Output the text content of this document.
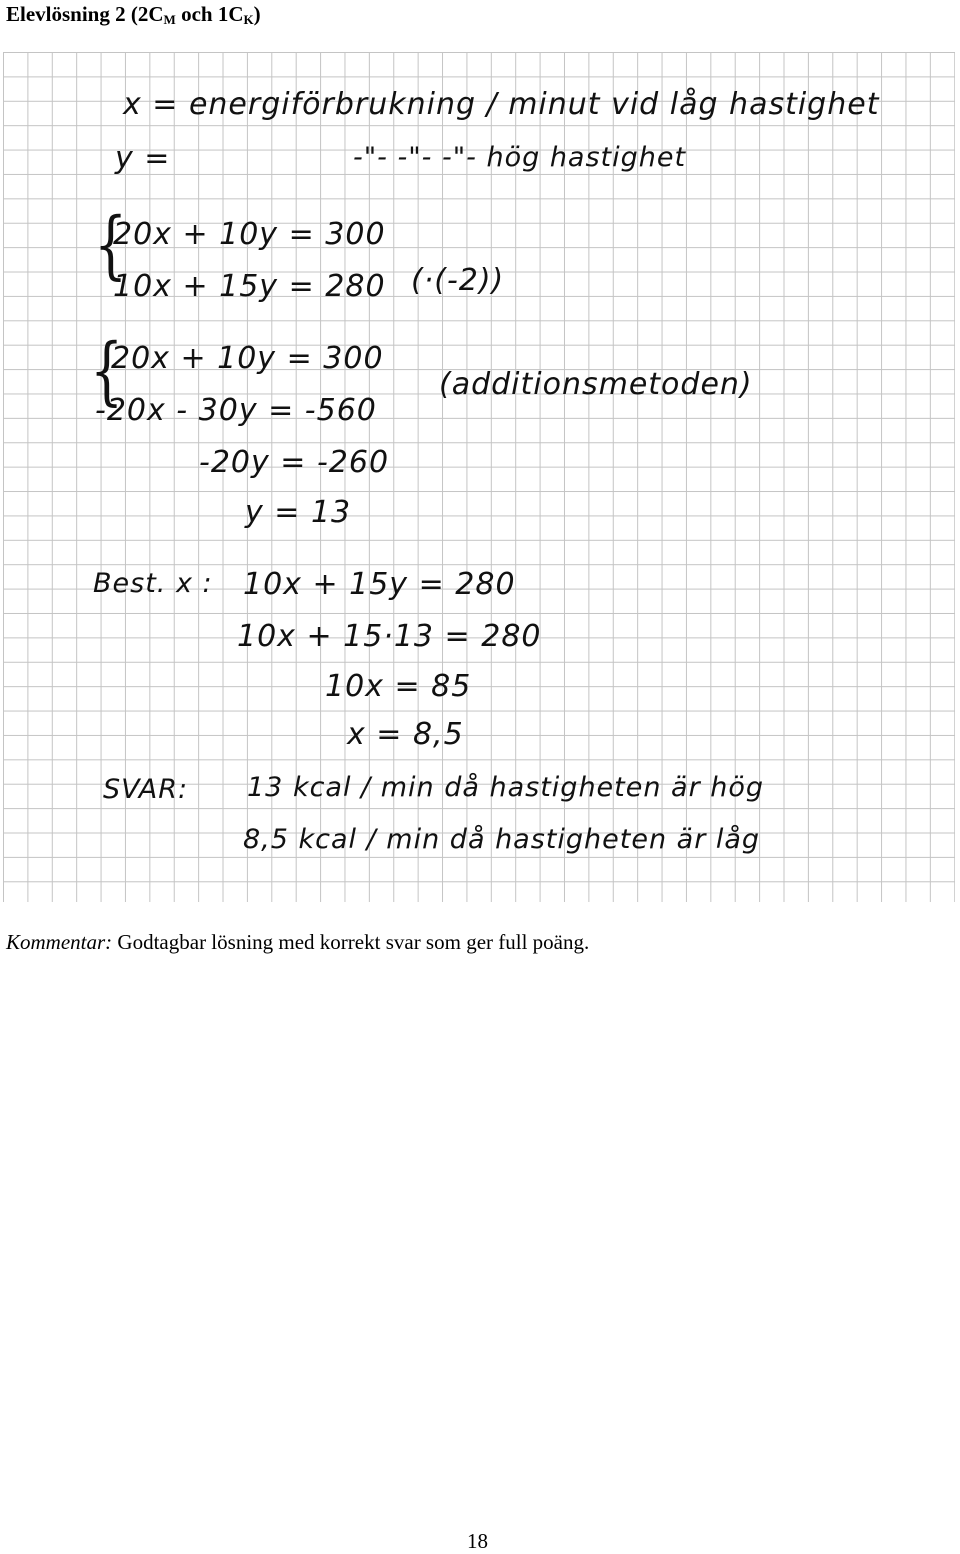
Elevlösning 2 ($2C_M$ och $1C_K$)
x = energiförbrukning / minut vid låg hastighet
y =	-"- -"- -"- hög hastighet
{
20x + 10y = 300
10x + 15y = 280 (·(-2))
{
20x + 10y = 300
-20x - 30y = -560
(additionsmetoden)
-20y = -260
y = 13
Best. x : 10x + 15y = 280
10x + 15·13 = 280
10x = 85
x = 8,5
SVAR: 13 kcal / min då hastigheten är hög
8,5 kcal / min då hastigheten är låg
Kommentar: Godtagbar lösning med korrekt svar som ger full poäng.
18
